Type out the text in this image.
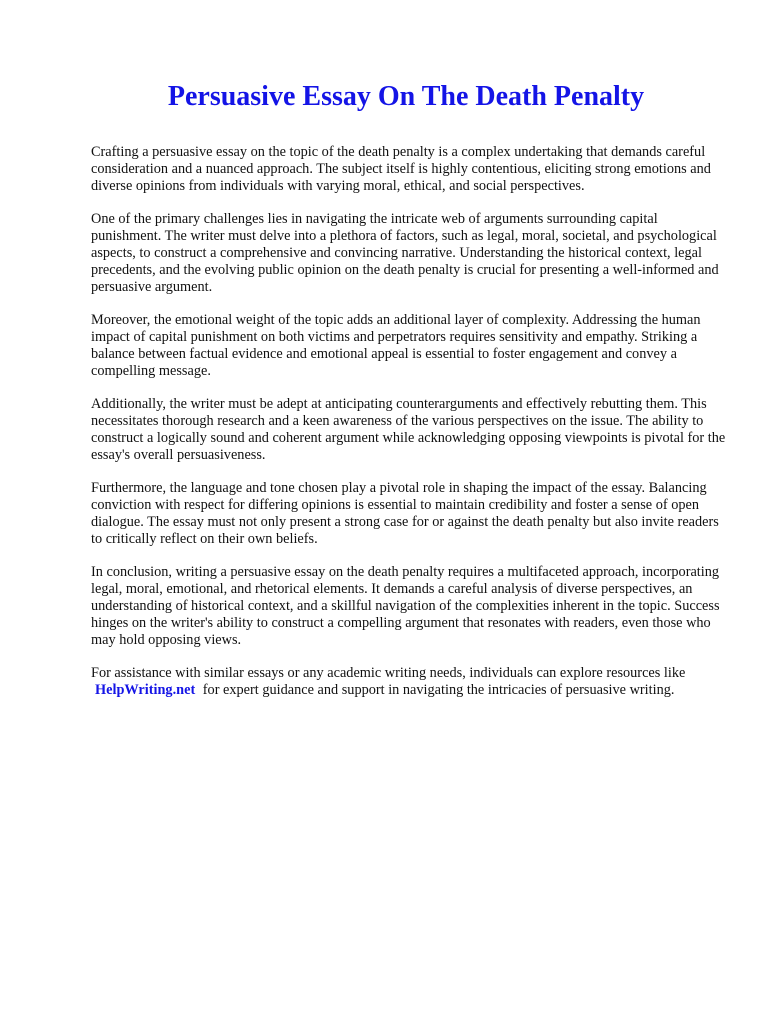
Persuasive Essay On The Death Penalty

Crafting a persuasive essay on the topic of the death penalty is a complex undertaking that demands careful consideration and a nuanced approach. The subject itself is highly contentious, eliciting strong emotions and diverse opinions from individuals with varying moral, ethical, and social perspectives.

One of the primary challenges lies in navigating the intricate web of arguments surrounding capital punishment. The writer must delve into a plethora of factors, such as legal, moral, societal, and psychological aspects, to construct a comprehensive and convincing narrative. Understanding the historical context, legal precedents, and the evolving public opinion on the death penalty is crucial for presenting a well-informed and persuasive argument.

Moreover, the emotional weight of the topic adds an additional layer of complexity. Addressing the human impact of capital punishment on both victims and perpetrators requires sensitivity and empathy. Striking a balance between factual evidence and emotional appeal is essential to foster engagement and convey a compelling message.

Additionally, the writer must be adept at anticipating counterarguments and effectively rebutting them. This necessitates thorough research and a keen awareness of the various perspectives on the issue. The ability to construct a logically sound and coherent argument while acknowledging opposing viewpoints is pivotal for the essay's overall persuasiveness.

Furthermore, the language and tone chosen play a pivotal role in shaping the impact of the essay. Balancing conviction with respect for differing opinions is essential to maintain credibility and foster a sense of open dialogue. The essay must not only present a strong case for or against the death penalty but also invite readers to critically reflect on their own beliefs.

In conclusion, writing a persuasive essay on the death penalty requires a multifaceted approach, incorporating legal, moral, emotional, and rhetorical elements. It demands a careful analysis of diverse perspectives, an understanding of historical context, and a skillful navigation of the complexities inherent in the topic. Success hinges on the writer's ability to construct a compelling argument that resonates with readers, even those who may hold opposing views.

For assistance with similar essays or any academic writing needs, individuals can explore resources like HelpWriting.net for expert guidance and support in navigating the intricacies of persuasive writing.
